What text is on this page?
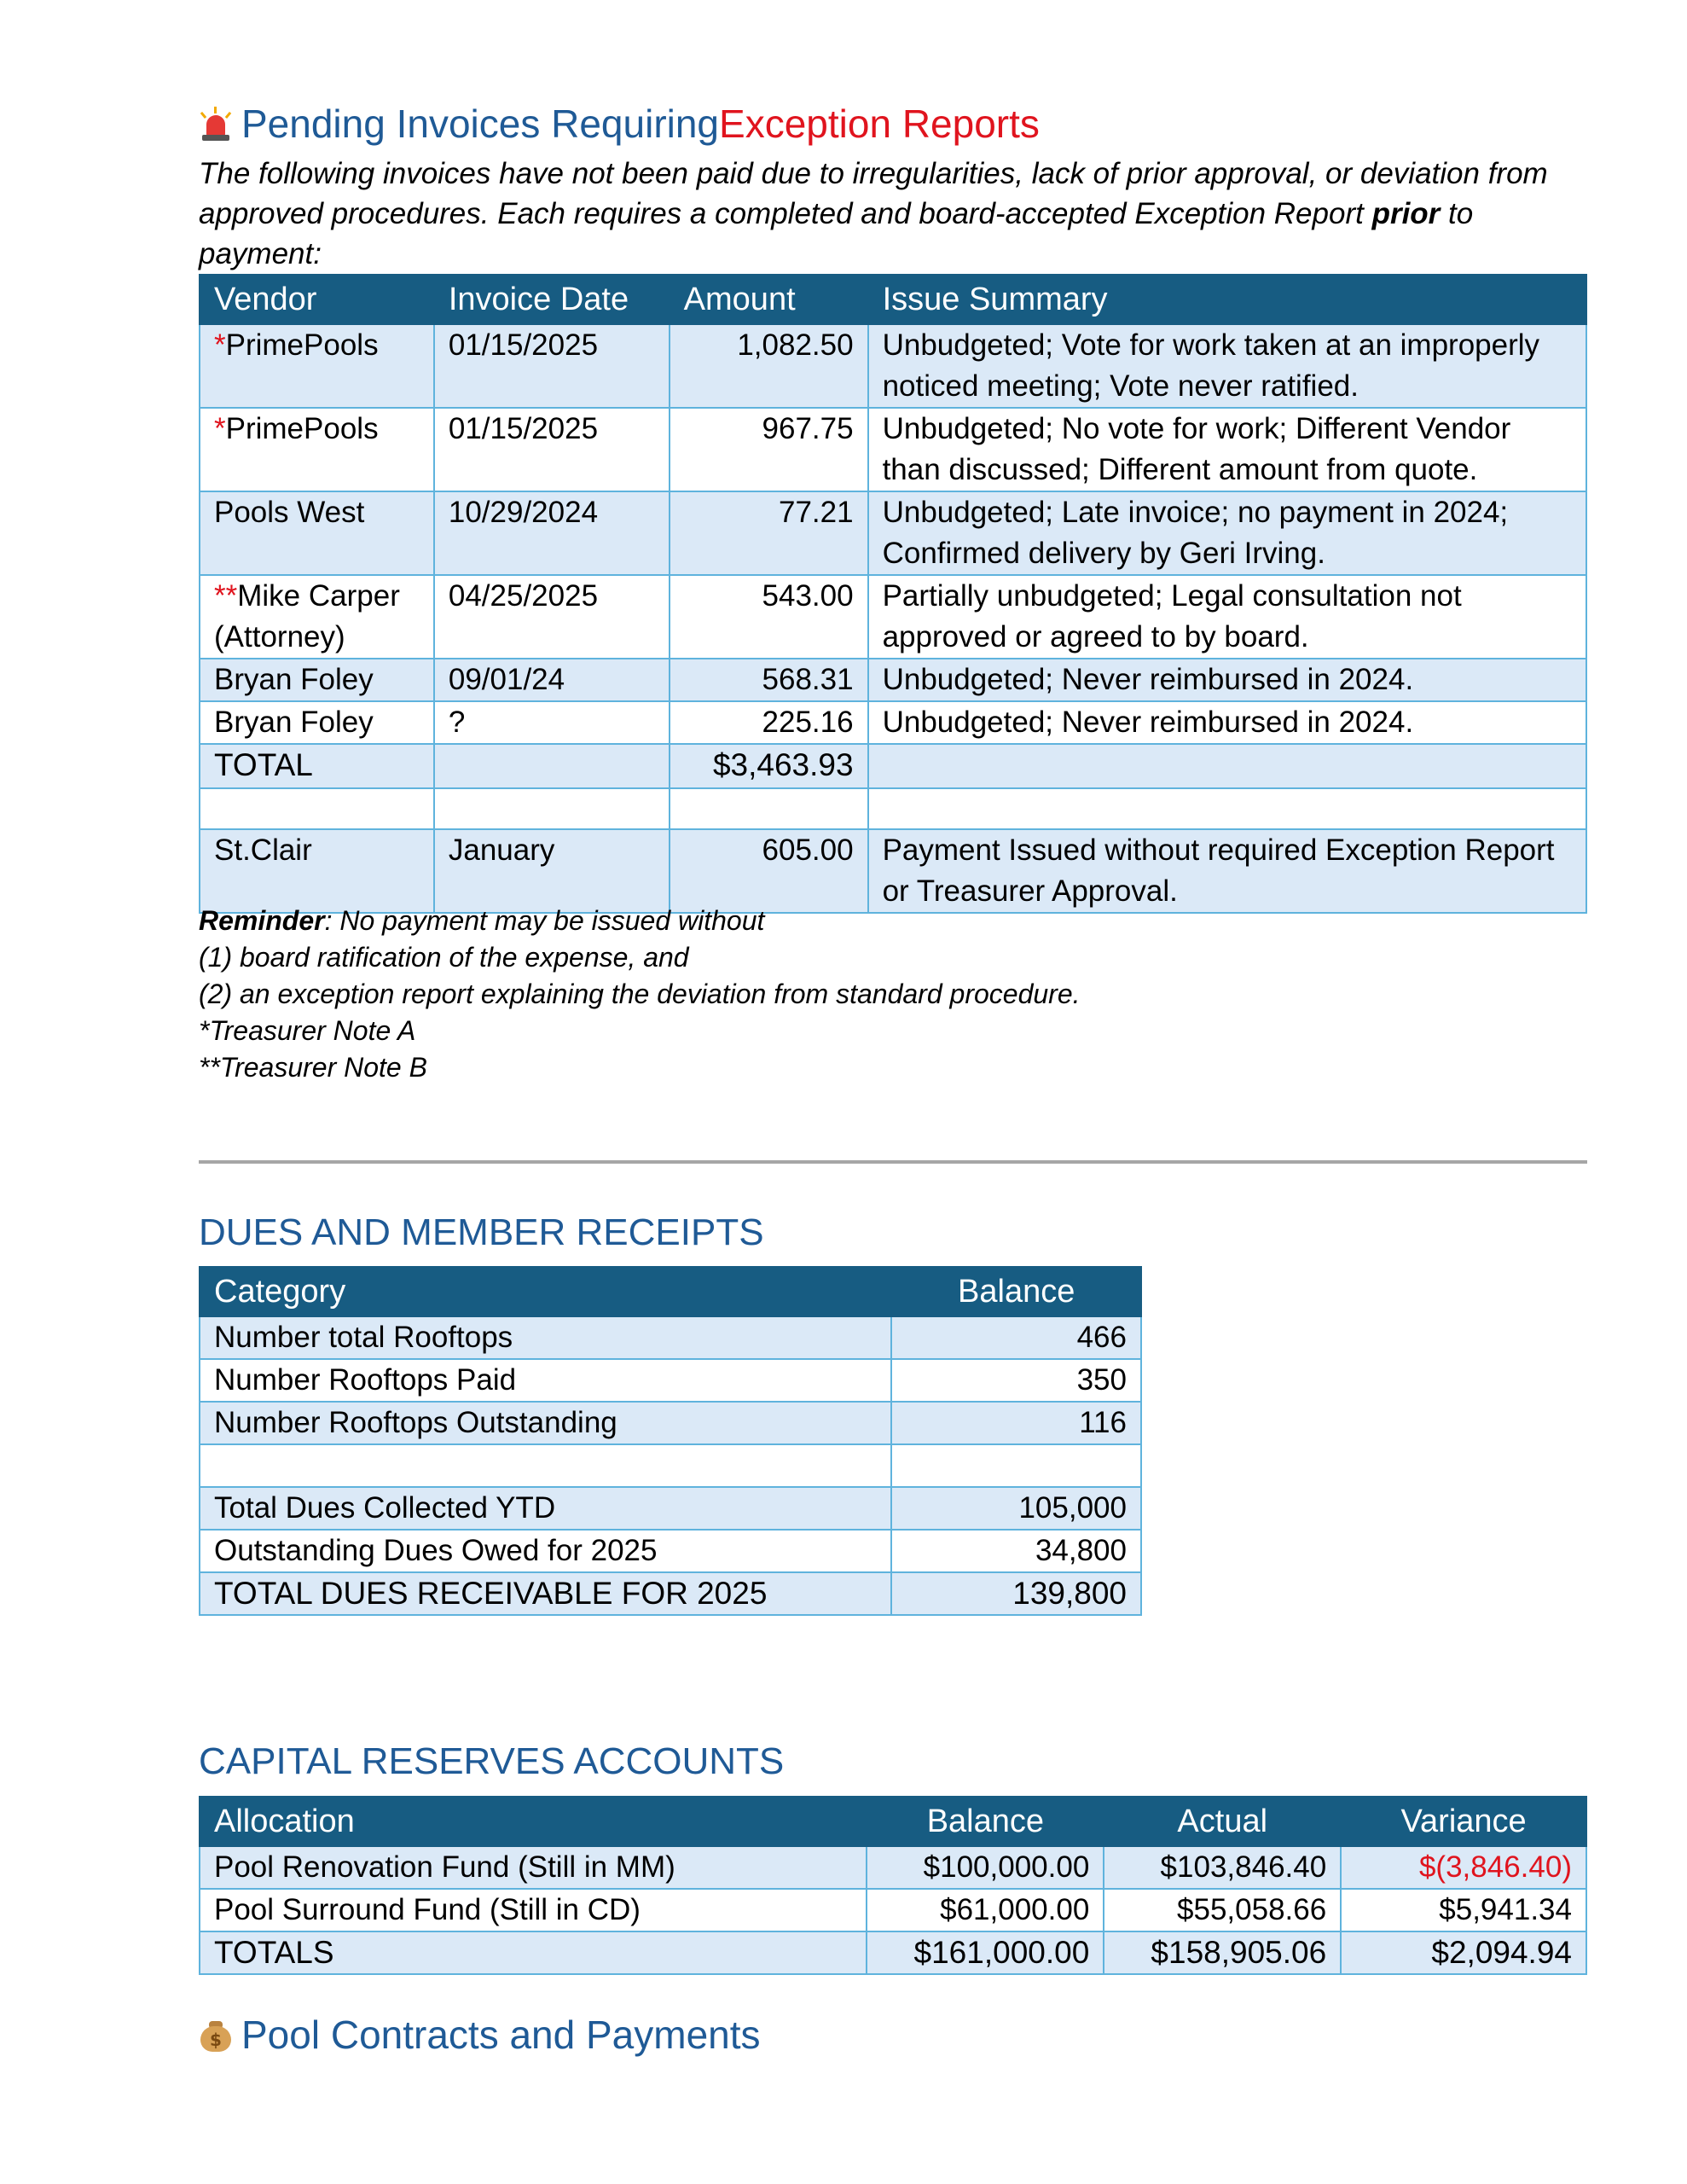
Pending Invoices Requiring Exception Reports
The following invoices have not been paid due to irregularities, lack of prior approval, or deviation from approved procedures. Each requires a completed and board-accepted Exception Report prior to payment:
Vendor	Invoice Date	Amount	Issue Summary
*PrimePools	01/15/2025	1,082.50	Unbudgeted; Vote for work taken at an improperly noticed meeting; Vote never ratified.
*PrimePools	01/15/2025	967.75	Unbudgeted; No vote for work; Different Vendor than discussed; Different amount from quote.
Pools West	10/29/2024	77.21	Unbudgeted; Late invoice; no payment in 2024; Confirmed delivery by Geri Irving.
**Mike Carper (Attorney)	04/25/2025	543.00	Partially unbudgeted; Legal consultation not approved or agreed to by board.
Bryan Foley	09/01/24	568.31	Unbudgeted; Never reimbursed in 2024.
Bryan Foley	?	225.16	Unbudgeted; Never reimbursed in 2024.
TOTAL		$3,463.93	

St.Clair	January	605.00	Payment Issued without required Exception Report or Treasurer Approval.
Reminder: No payment may be issued without
(1) board ratification of the expense, and
(2) an exception report explaining the deviation from standard procedure.
*Treasurer Note A
**Treasurer Note B
DUES AND MEMBER RECEIPTS
Category	Balance
Number total Rooftops	466
Number Rooftops Paid	350
Number Rooftops Outstanding	116

Total Dues Collected YTD	105,000
Outstanding Dues Owed for 2025	34,800
TOTAL DUES RECEIVABLE FOR 2025	139,800
CAPITAL RESERVES ACCOUNTS
Allocation	Balance	Actual	Variance
Pool Renovation Fund (Still in MM)	$100,000.00	$103,846.40	$(3,846.40)
Pool Surround Fund (Still in CD)	$61,000.00	$55,058.66	$5,941.34
TOTALS	$161,000.00	$158,905.06	$2,094.94
$ Pool Contracts and Payments
